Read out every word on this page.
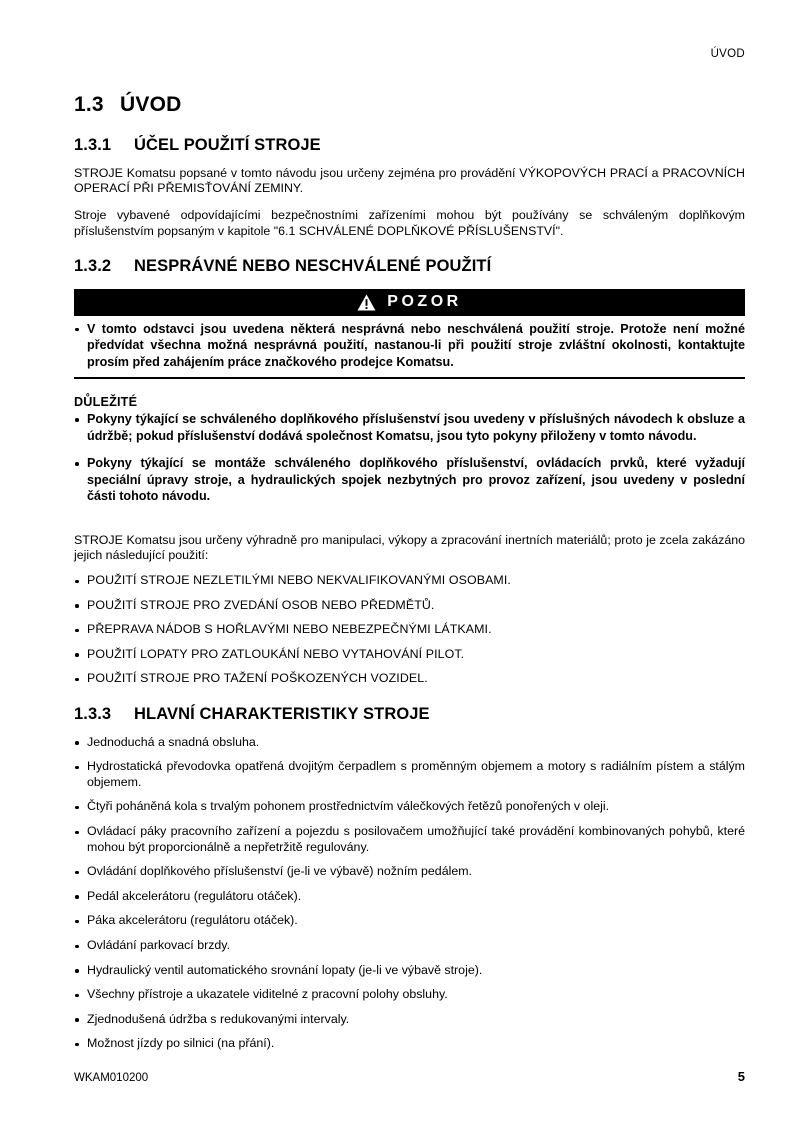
ÚVOD
1.3 ÚVOD
1.3.1 ÚČEL POUŽITÍ STROJE

STROJE Komatsu popsané v tomto návodu jsou určeny zejména pro provádění VÝKOPOVÝCH PRACÍ a PRACOVNÍCH OPERACÍ PŘI PŘEMISŤOVÁNÍ ZEMINY.

Stroje vybavené odpovídajícími bezpečnostními zařízeními mohou být používány se schváleným doplňkovým příslušenstvím popsaným v kapitole "6.1 SCHVÁLENÉ DOPLŇKOVÉ PŘÍSLUŠENSTVÍ".

1.3.2 NESPRÁVNÉ NEBO NESCHVÁLENÉ POUŽITÍ
POZOR
V tomto odstavci jsou uvedena některá nesprávná nebo neschválená použití stroje. Protože není možné předvídat všechna možná nesprávná použití, nastanou-li při použití stroje zvláštní okolnosti, kontaktujte prosím před zahájením práce značkového prodejce Komatsu.
DŮLEŽITÉ
Pokyny týkající se schváleného doplňkového příslušenství jsou uvedeny v příslušných návodech k obsluze a údržbě; pokud příslušenství dodává společnost Komatsu, jsou tyto pokyny přiloženy v tomto návodu.
Pokyny týkající se montáže schváleného doplňkového příslušenství, ovládacích prvků, které vyžadují speciální úpravy stroje, a hydraulických spojek nezbytných pro provoz zařízení, jsou uvedeny v poslední části tohoto návodu.

STROJE Komatsu jsou určeny výhradně pro manipulaci, výkopy a zpracování inertních materiálů; proto je zcela zakázáno jejich následující použití:

POUŽITÍ STROJE NEZLETILÝMI NEBO NEKVALIFIKOVANÝMI OSOBAMI.
POUŽITÍ STROJE PRO ZVEDÁNÍ OSOB NEBO PŘEDMĚTŮ.
PŘEPRAVA NÁDOB S HOŘLAVÝMI NEBO NEBEZPEČNÝMI LÁTKAMI.
POUŽITÍ LOPATY PRO ZATLOUKÁNÍ NEBO VYTAHOVÁNÍ PILOT.
POUŽITÍ STROJE PRO TAŽENÍ POŠKOZENÝCH VOZIDEL.
1.3.3 HLAVNÍ CHARAKTERISTIKY STROJE
Jednoduchá a snadná obsluha.
Hydrostatická převodovka opatřená dvojitým čerpadlem s proměnným objemem a motory s radiálním pístem a stálým objemem.
Čtyři poháněná kola s trvalým pohonem prostřednictvím válečkových řetězů ponořených v oleji.
Ovládací páky pracovního zařízení a pojezdu s posilovačem umožňující také provádění kombinovaných pohybů, které mohou být proporcionálně a nepřetržitě regulovány.
Ovládání doplňkového příslušenství (je-li ve výbavě) nožním pedálem.
Pedál akcelerátoru (regulátoru otáček).
Páka akcelerátoru (regulátoru otáček).
Ovládání parkovací brzdy.
Hydraulický ventil automatického srovnání lopaty (je-li ve výbavě stroje).
Všechny přístroje a ukazatele viditelné z pracovní polohy obsluhy.
Zjednodušená údržba s redukovanými intervaly.
Možnost jízdy po silnici (na přání).
WKAM010200	5
